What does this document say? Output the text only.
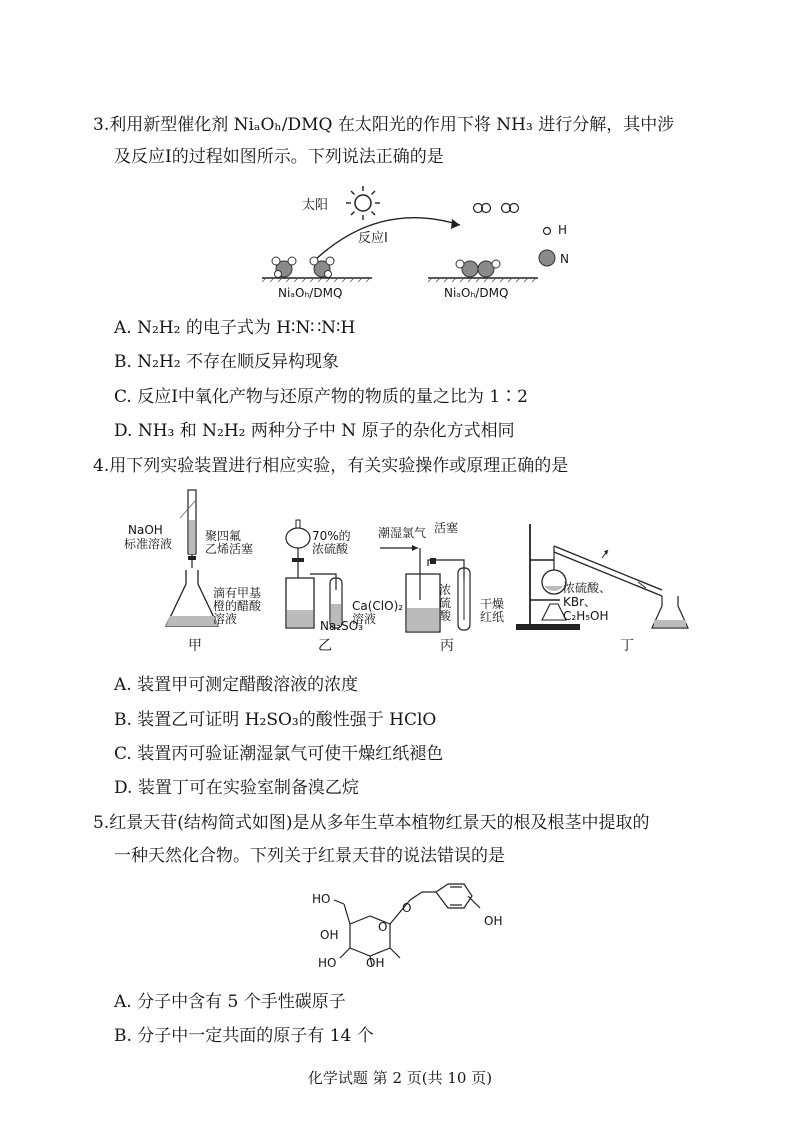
3.利用新型催化剂 NiₐOₕ/DMQ 在太阳光的作用下将 NH₃ 进行分解，其中涉
及反应Ⅰ的过程如图所示。下列说法正确的是
太阳
反应Ⅰ
H
N
NiₐOₕ/DMQ	NiₐOₕ/DMQ
A. N₂H₂ 的电子式为 H∶N∷N∶H
B. N₂H₂ 不存在顺反异构现象
C. 反应Ⅰ中氧化产物与还原产物的物质的量之比为 1∶2
D. NH₃ 和 N₂H₂ 两种分子中 N 原子的杂化方式相同
4.用下列实验装置进行相应实验，有关实验操作或原理正确的是
NaOH
标准溶液
聚四氟
乙烯活塞
滴有甲基
橙的醋酸
溶液
甲
70%的
浓硫酸
Na₂SO₃
Ca(ClO)₂
溶液
乙
潮湿氯气 活塞
浓
硫
酸
干燥
红纸
丙
浓硫酸、
KBr、
C₂H₅OH
丁
A. 装置甲可测定醋酸溶液的浓度
B. 装置乙可证明 H₂SO₃的酸性强于 HClO
C. 装置丙可验证潮湿氯气可使干燥红纸褪色
D. 装置丁可在实验室制备溴乙烷
5.红景天苷(结构简式如图)是从多年生草本植物红景天的根及根茎中提取的
一种天然化合物。下列关于红景天苷的说法错误的是
HO
O
O
OH
HO OH
OH
A. 分子中含有 5 个手性碳原子
B. 分子中一定共面的原子有 14 个
化学试题 第 2 页(共 10 页)
